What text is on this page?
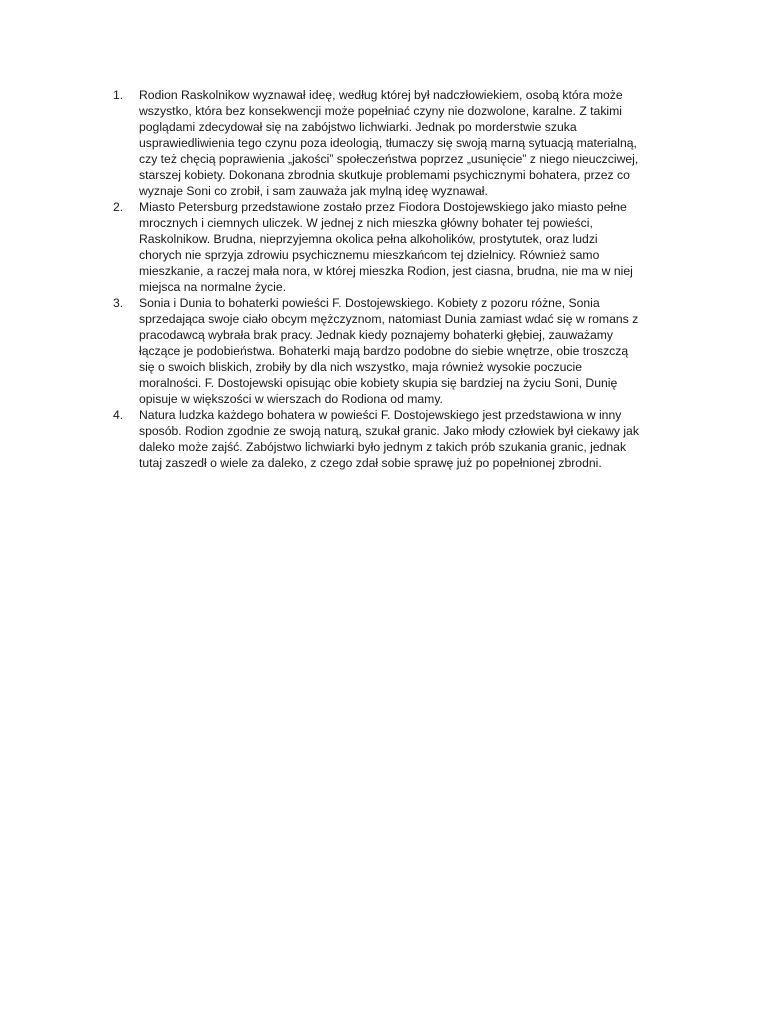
1.	Rodion Raskolnikow wyznawał ideę, według której był nadczłowiekiem, osobą która może
wszystko, która bez konsekwencji może popełniać czyny nie dozwolone, karalne. Z takimi
poglądami zdecydował się na zabójstwo lichwiarki. Jednak po morderstwie szuka
usprawiedliwienia tego czynu poza ideologią, tłumaczy się swoją marną sytuacją materialną,
czy też chęcią poprawienia „jakości” społeczeństwa poprzez „usunięcie” z niego nieuczciwej,
starszej kobiety. Dokonana zbrodnia skutkuje problemami psychicznymi bohatera, przez co
wyznaje Soni co zrobił, i sam zauważa jak mylną ideę wyznawał.
2.	Miasto Petersburg przedstawione zostało przez Fiodora Dostojewskiego jako miasto pełne
mrocznych i ciemnych uliczek. W jednej z nich mieszka główny bohater tej powieści,
Raskolnikow. Brudna, nieprzyjemna okolica pełna alkoholików, prostytutek, oraz ludzi
chorych nie sprzyja zdrowiu psychicznemu mieszkańcom tej dzielnicy. Również samo
mieszkanie, a raczej mała nora, w której mieszka Rodion, jest ciasna, brudna, nie ma w niej
miejsca na normalne życie.
3.	Sonia i Dunia to bohaterki powieści F. Dostojewskiego. Kobiety z pozoru różne, Sonia
sprzedająca swoje ciało obcym mężczyznom, natomiast Dunia zamiast wdać się w romans z
pracodawcą wybrała brak pracy. Jednak kiedy poznajemy bohaterki głębiej, zauważamy
łączące je podobieństwa. Bohaterki mają bardzo podobne do siebie wnętrze, obie troszczą
się o swoich bliskich, zrobiły by dla nich wszystko, maja również wysokie poczucie
moralności. F. Dostojewski opisując obie kobiety skupia się bardziej na życiu Soni, Dunię
opisuje w większości w wierszach do Rodiona od mamy.
4.	Natura ludzka każdego bohatera w powieści F. Dostojewskiego jest przedstawiona w inny
sposób. Rodion zgodnie ze swoją naturą, szukał granic. Jako młody człowiek był ciekawy jak
daleko może zajść. Zabójstwo lichwiarki było jednym z takich prób szukania granic, jednak
tutaj zaszedł o wiele za daleko, z czego zdał sobie sprawę już po popełnionej zbrodni.
